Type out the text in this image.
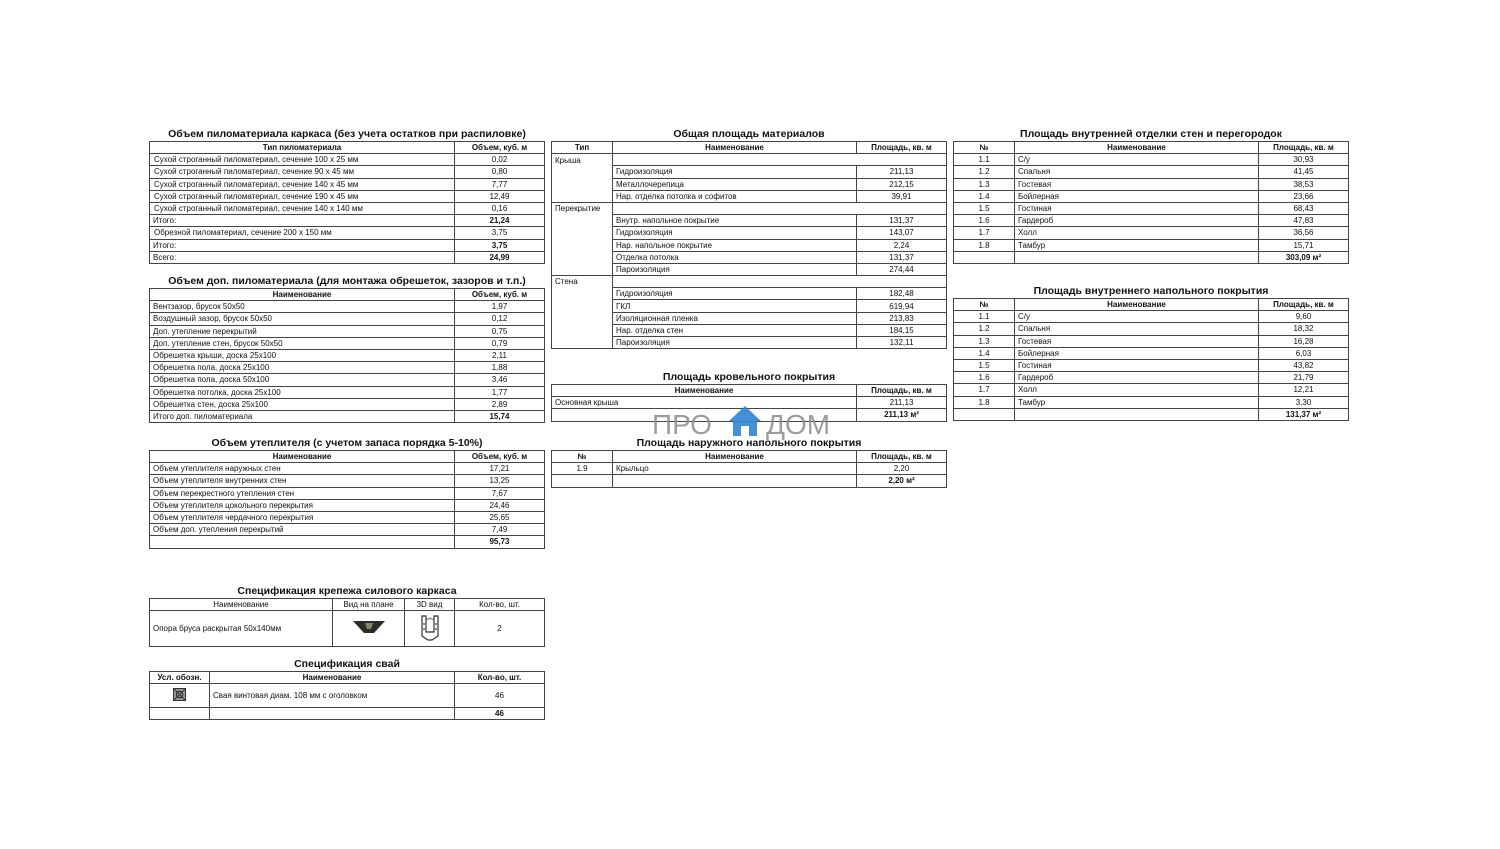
Объем пиломатериала каркаса (без учета остатков при распиловке)
Тип пиломатериала	Объем, куб. м
Сухой строганный пиломатериал, сечение 100 x 25 мм	0,02
Сухой строганный пиломатериал, сечение 90 x 45 мм	0,80
Сухой строганный пиломатериал, сечение 140 x 45 мм	7,77
Сухой строганный пиломатериал, сечение 190 x 45 мм	12,49
Сухой строганный пиломатериал, сечение 140 x 140 мм	0,16
Итого:	21,24
Обрезной пиломатериал, сечение 200 x 150 мм	3,75
Итого:	3,75
Всего:	24,99
Объем доп. пиломатериала (для монтажа обрешеток, зазоров и т.п.)
Наименование	Объем, куб. м
Вентзазор, брусок 50x50	1,97
Воздушный зазор, брусок 50x50	0,12
Доп. утепление перекрытий	0,75
Доп. утепление стен, брусок 50x50	0,79
Обрешетка крыши, доска 25x100	2,11
Обрешетка пола, доска 25x100	1,88
Обрешетка пола, доска 50x100	3,46
Обрешетка потолка, доска 25x100	1,77
Обрешетка стен, доска 25x100	2,89
Итого доп. пиломатериала	15,74
Объем утеплителя (с учетом запаса порядка 5-10%)
Наименование	Объем, куб. м
Объем утеплителя наружных стен	17,21
Объем утеплителя внутренних стен	13,25
Объем перекрестного утепления стен	7,67
Объем утеплителя цокольного перекрытия	24,46
Объем утеплителя чердачного перекрытия	25,65
Объем доп. утепления перекрытий	7,49
	95,73
Спецификация крепежа силового каркаса
Наименование	Вид на плане	3D вид	Кол-во, шт.
Опора бруса раскрытая 50x140мм			2
Спецификация свай
Усл. обозн.	Наименование	Кол-во, шт.
	Свая винтовая диам. 108 мм с оголовком	46
		46
Общая площадь материалов
Тип	Наименование	Площадь, кв. м
Крыша		
	Гидроизоляция	211,13
	Металлочерепица	212,15
	Нар. отделка потолка и софитов	39,91
Перекрытие		
	Внутр. напольное покрытие	131,37
	Гидроизоляция	143,07
	Нар. напольное покрытие	2,24
	Отделка потолка	131,37
	Пароизоляция	274,44
Стена		
	Гидроизоляция	182,48
	ГКЛ	619,94
	Изоляционная пленка	213,83
	Нар. отделка стен	184,15
	Пароизоляция	132,11
Площадь кровельного покрытия
Наименование	Площадь, кв. м
Основная крыша	211,13
	211,13 м²
Площадь наружного напольного покрытия
№	Наименование	Площадь, кв. м
1.9	Крыльцо	2,20
		2,20 м²
Площадь внутренней отделки стен и перегородок
№	Наименование	Площадь, кв. м
1.1	С/у	30,93
1.2	Спальня	41,45
1.3	Гостевая	38,53
1.4	Бойлерная	23,66
1.5	Гостиная	68,43
1.6	Гардероб	47,83
1.7	Холл	36,56
1.8	Тамбур	15,71
		303,09 м²
Площадь внутреннего напольного покрытия
№	Наименование	Площадь, кв. м
1.1	С/у	9,60
1.2	Спальня	18,32
1.3	Гостевая	16,28
1.4	Бойлерная	6,03
1.5	Гостиная	43,82
1.6	Гардероб	21,79
1.7	Холл	12,21
1.8	Тамбур	3,30
		131,37 м²
ПРО ДОМ
